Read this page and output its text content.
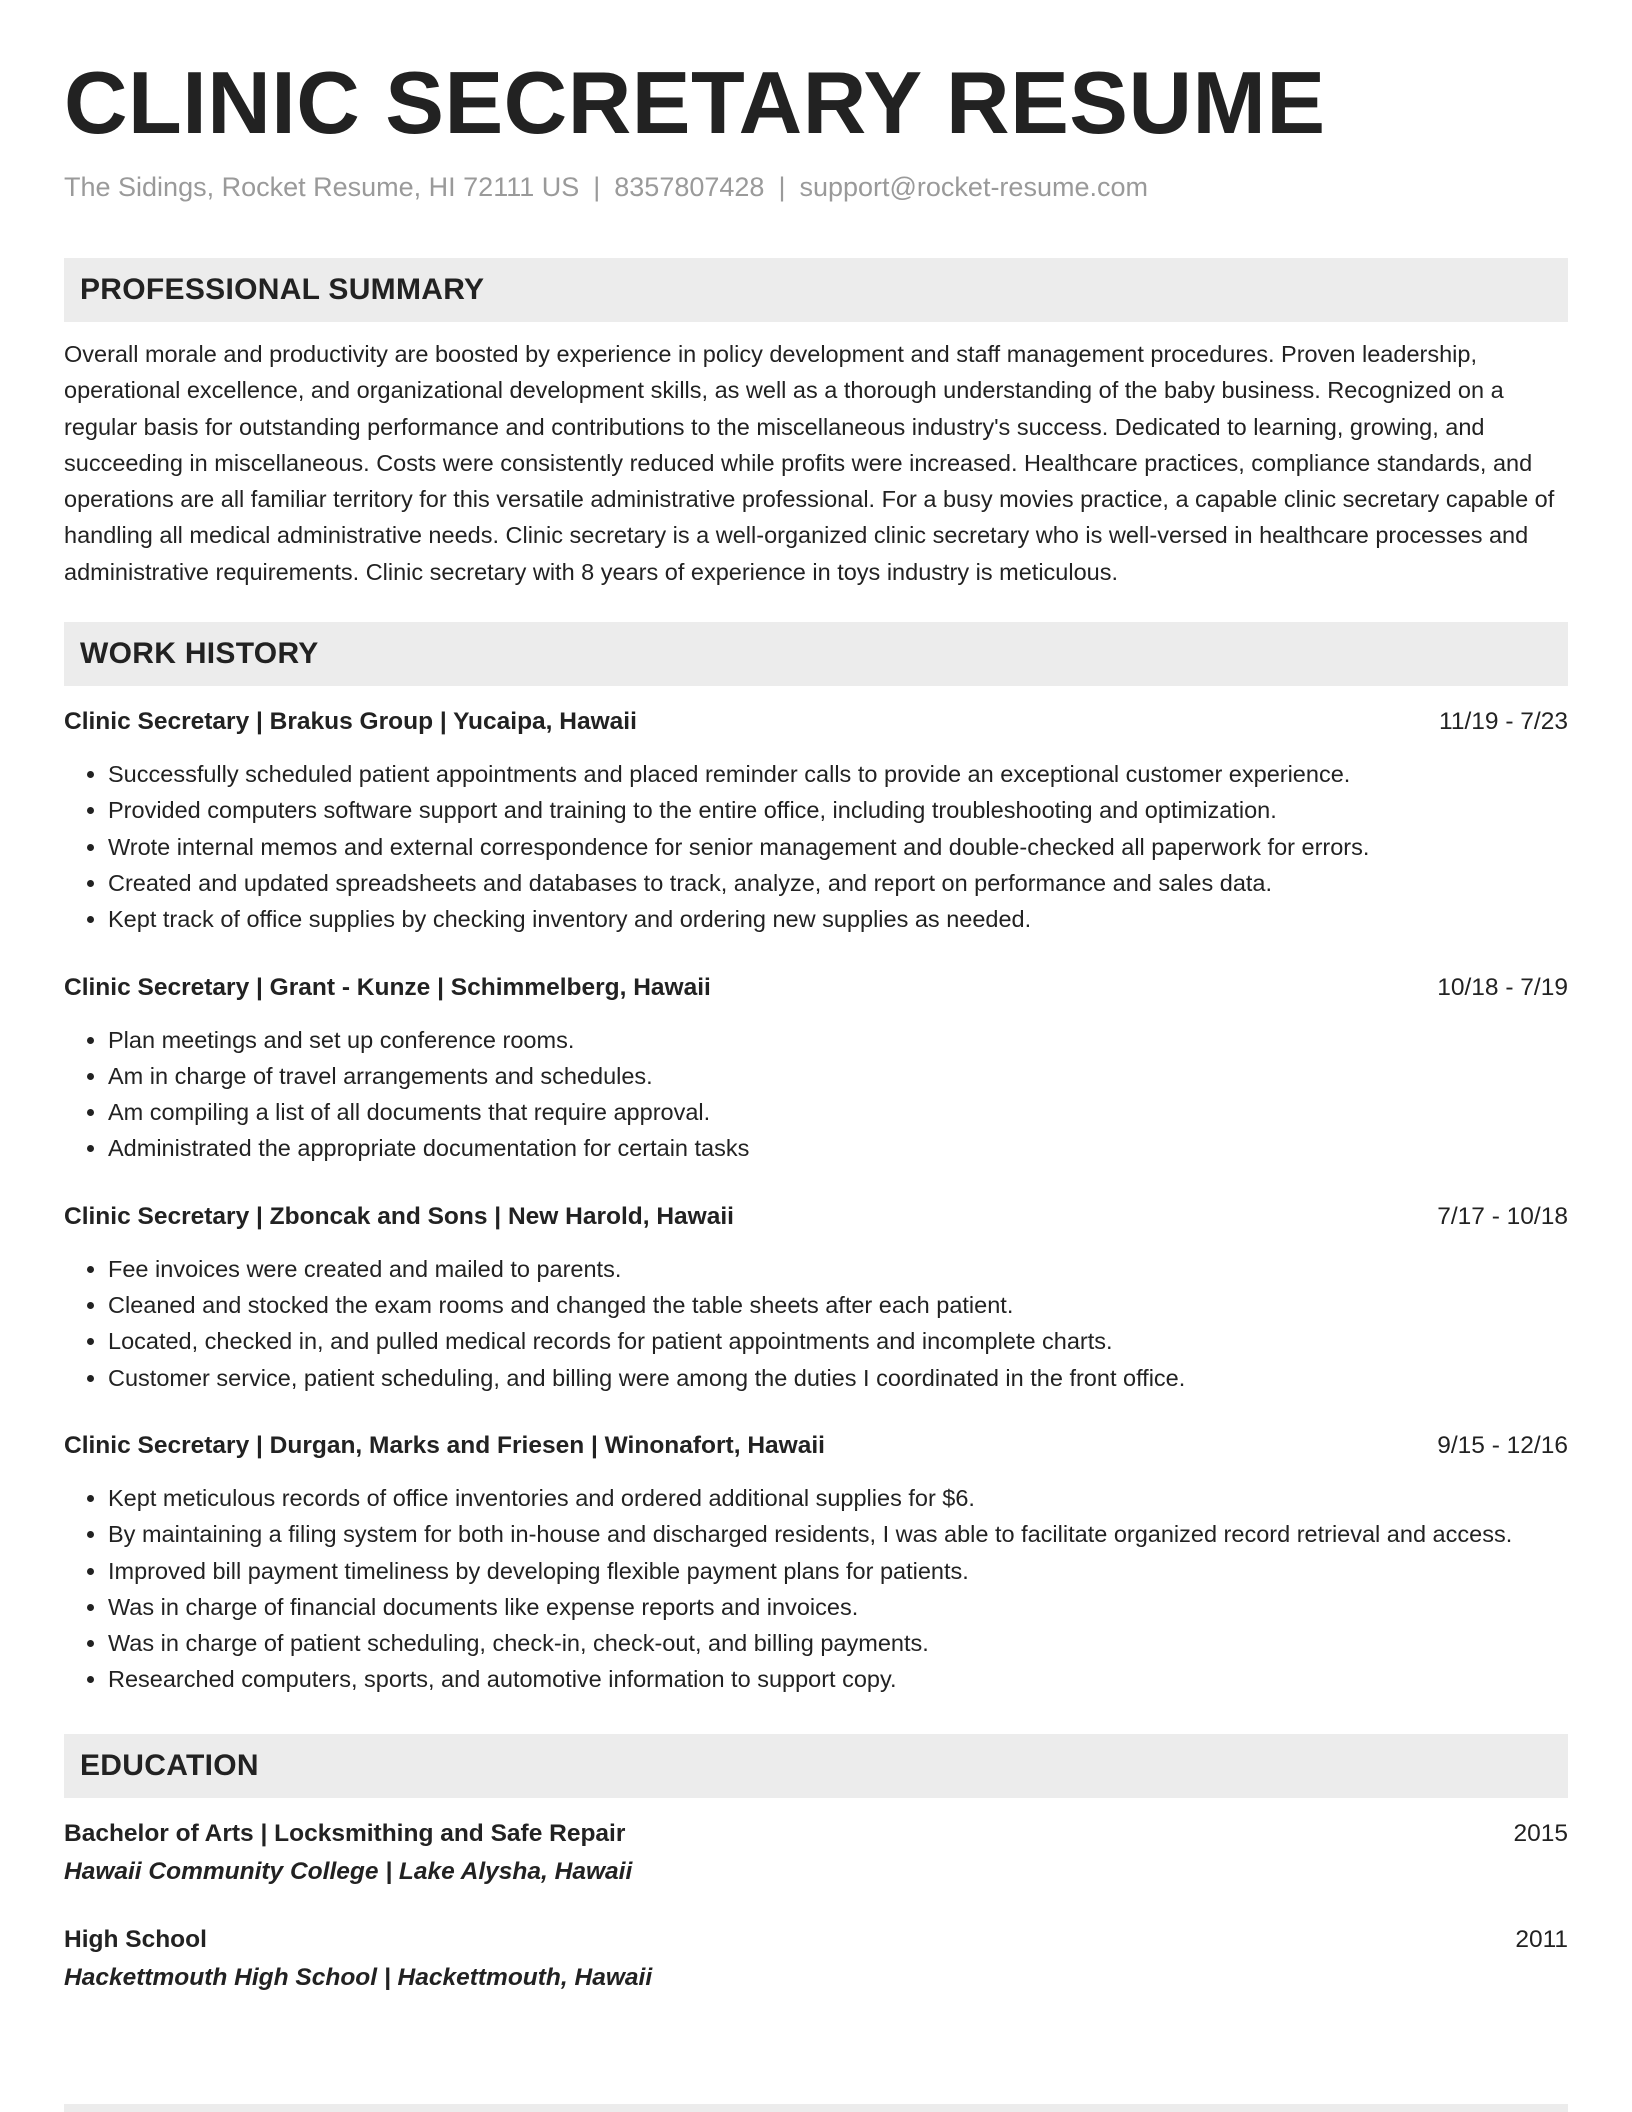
CLINIC SECRETARY RESUME
The Sidings, Rocket Resume, HI 72111 US | 8357807428 | support@rocket-resume.com
PROFESSIONAL SUMMARY

Overall morale and productivity are boosted by experience in policy development and staff management procedures. Proven leadership, operational excellence, and organizational development skills, as well as a thorough understanding of the baby business. Recognized on a regular basis for outstanding performance and contributions to the miscellaneous industry's success. Dedicated to learning, growing, and succeeding in miscellaneous. Costs were consistently reduced while profits were increased. Healthcare practices, compliance standards, and operations are all familiar territory for this versatile administrative professional. For a busy movies practice, a capable clinic secretary capable of handling all medical administrative needs. Clinic secretary is a well-organized clinic secretary who is well-versed in healthcare processes and administrative requirements. Clinic secretary with 8 years of experience in toys industry is meticulous.

WORK HISTORY
Clinic Secretary | Brakus Group | Yucaipa, Hawaii	11/19 - 7/23
• Successfully scheduled patient appointments and placed reminder calls to provide an exceptional customer experience.
• Provided computers software support and training to the entire office, including troubleshooting and optimization.
• Wrote internal memos and external correspondence for senior management and double-checked all paperwork for errors.
• Created and updated spreadsheets and databases to track, analyze, and report on performance and sales data.
• Kept track of office supplies by checking inventory and ordering new supplies as needed.
Clinic Secretary | Grant - Kunze | Schimmelberg, Hawaii	10/18 - 7/19
• Plan meetings and set up conference rooms.
• Am in charge of travel arrangements and schedules.
• Am compiling a list of all documents that require approval.
• Administrated the appropriate documentation for certain tasks
Clinic Secretary | Zboncak and Sons | New Harold, Hawaii	7/17 - 10/18
• Fee invoices were created and mailed to parents.
• Cleaned and stocked the exam rooms and changed the table sheets after each patient.
• Located, checked in, and pulled medical records for patient appointments and incomplete charts.
• Customer service, patient scheduling, and billing were among the duties I coordinated in the front office.
Clinic Secretary | Durgan, Marks and Friesen | Winonafort, Hawaii	9/15 - 12/16
• Kept meticulous records of office inventories and ordered additional supplies for $6.
• By maintaining a filing system for both in-house and discharged residents, I was able to facilitate organized record retrieval and access.
• Improved bill payment timeliness by developing flexible payment plans for patients.
• Was in charge of financial documents like expense reports and invoices.
• Was in charge of patient scheduling, check-in, check-out, and billing payments.
• Researched computers, sports, and automotive information to support copy.
EDUCATION
Bachelor of Arts | Locksmithing and Safe Repair	2015
Hawaii Community College | Lake Alysha, Hawaii
High School	2011
Hackettmouth High School | Hackettmouth, Hawaii
